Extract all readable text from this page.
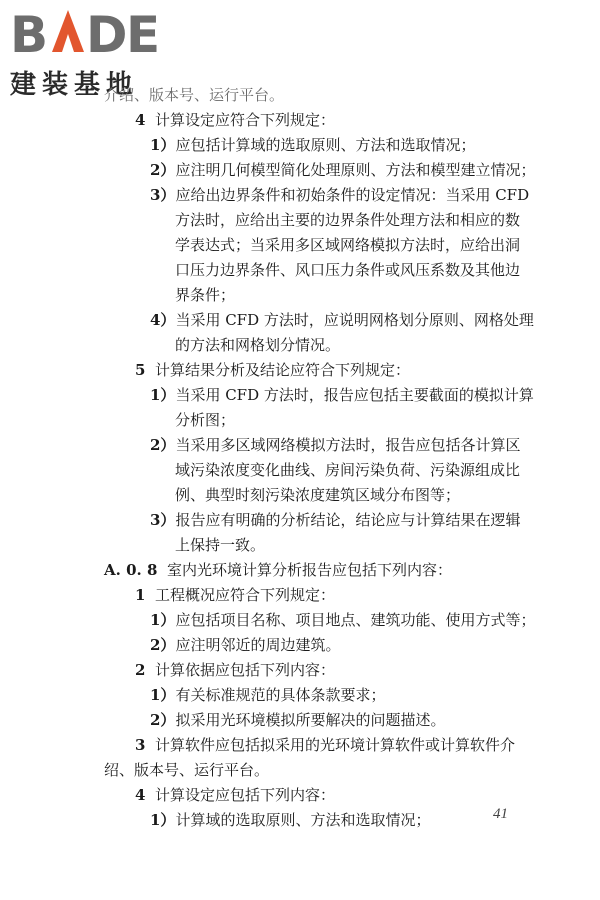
B D
E
建装基地
介绍、版本号、运行平台。
4 计算设定应符合下列规定：
1）应包括计算域的选取原则、方法和选取情况；
2）应注明几何模型简化处理原则、方法和模型建立情况；
3）应给出边界条件和初始条件的设定情况：当采用 CFD
方法时，应给出主要的边界条件处理方法和相应的数
学表达式；当采用多区域网络模拟方法时，应给出洞
口压力边界条件、风口压力条件或风压系数及其他边
界条件；
4）当采用 CFD 方法时，应说明网格划分原则、网格处理
的方法和网格划分情况。
5 计算结果分析及结论应符合下列规定：
1）当采用 CFD 方法时，报告应包括主要截面的模拟计算
分析图；
2）当采用多区域网络模拟方法时，报告应包括各计算区
域污染浓度变化曲线、房间污染负荷、污染源组成比
例、典型时刻污染浓度建筑区域分布图等；
3）报告应有明确的分析结论，结论应与计算结果在逻辑
上保持一致。
A. 0. 8 室内光环境计算分析报告应包括下列内容：
1 工程概况应符合下列规定：
1）应包括项目名称、项目地点、建筑功能、使用方式等；
2）应注明邻近的周边建筑。
2 计算依据应包括下列内容：
1）有关标准规范的具体条款要求；
2）拟采用光环境模拟所要解决的问题描述。
3 计算软件应包括拟采用的光环境计算软件或计算软件介
绍、版本号、运行平台。
4 计算设定应包括下列内容：
1）计算域的选取原则、方法和选取情况；	41
